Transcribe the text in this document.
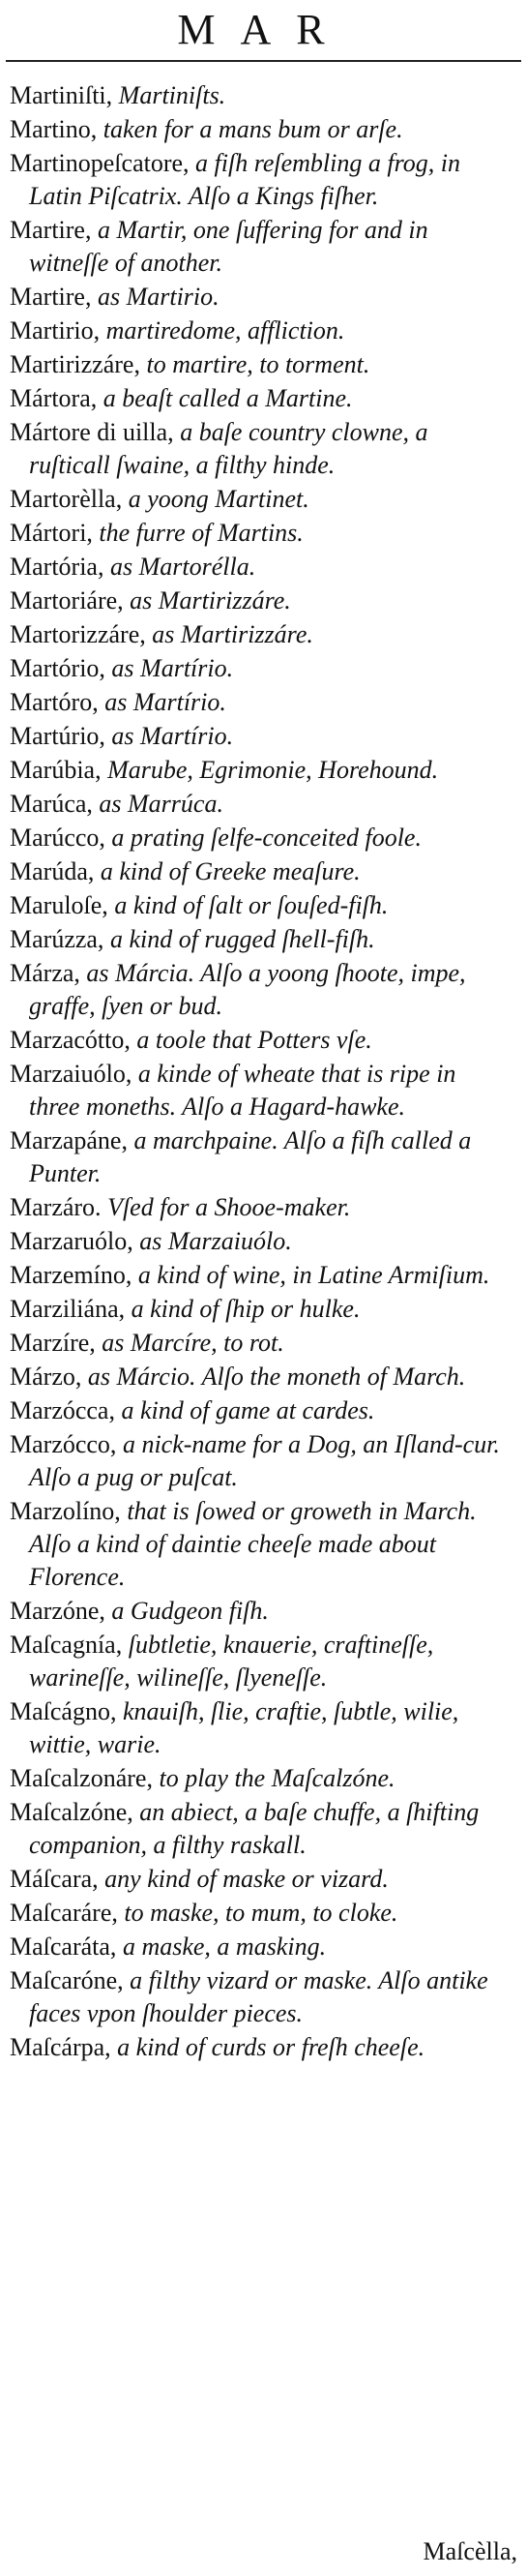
MAR
Martiniſti, Martiniſts.
Martino, taken for a mans bum or arſe.
Martinopeſcatore, a fiſh reſembling a frog, in Latin Piſcatrix. Alſo a Kings fiſher.
Martire, a Martir, one ſuffering for and in witneſſe of another.
Martire, as Martirio.
Martirio, martiredome, affliction.
Martirizzáre, to martire, to torment.
Mártora, a beaſt called a Martine.
Mártore di uilla, a baſe country clowne, a ruſticall ſwaine, a filthy hinde.
Martorèlla, a yoong Martinet.
Mártori, the furre of Martins.
Martória, as Martorélla.
Martoriáre, as Martirizzáre.
Martorizzáre, as Martirizzáre.
Martório, as Martírio.
Martóro, as Martírio.
Martúrio, as Martírio.
Marúbia, Marube, Egrimonie, Horehound.
Marúca, as Marrúca.
Marúcco, a prating ſelfe-conceited foole.
Marúda, a kind of Greeke meaſure.
Maruloſe, a kind of ſalt or ſouſed-fiſh.
Marúzza, a kind of rugged ſhell-fiſh.
Márza, as Márcia. Alſo a yoong ſhoote, impe, graffe, ſyen or bud.
Marzacótto, a toole that Potters vſe.
Marzaiuólo, a kinde of wheate that is ripe in three moneths. Alſo a Hagard-hawke.
Marzapáne, a marchpaine. Alſo a fiſh called a Punter.
Marzáro. Vſed for a Shooe-maker.
Marzaruólo, as Marzaiuólo.
Marzemíno, a kind of wine, in Latine Armiſium.
Marziliána, a kind of ſhip or hulke.
Marzíre, as Marcíre, to rot.
Márzo, as Márcio. Alſo the moneth of March.
Marzócca, a kind of game at cardes.
Marzócco, a nick-name for a Dog, an Iſland-cur. Alſo a pug or puſcat.
Marzolíno, that is ſowed or groweth in March. Alſo a kind of daintie cheeſe made about Florence.
Marzóne, a Gudgeon fiſh.
Maſcagnía, ſubtletie, knauerie, craftineſſe, warineſſe, wilineſſe, ſlyeneſſe.
Maſcágno, knauiſh, ſlie, craftie, ſubtle, wilie, wittie, warie.
Maſcalzonáre, to play the Maſcalzóne.
Maſcalzóne, an abiect, a baſe chuffe, a ſhifting companion, a filthy raskall.
Máſcara, any kind of maske or vizard.
Maſcaráre, to maske, to mum, to cloke.
Maſcaráta, a maske, a masking.
Maſcaróne, a filthy vizard or maske. Alſo antike faces vpon ſhoulder pieces.
Maſcárpa, a kind of curds or freſh cheeſe.
Maſcèlla,
